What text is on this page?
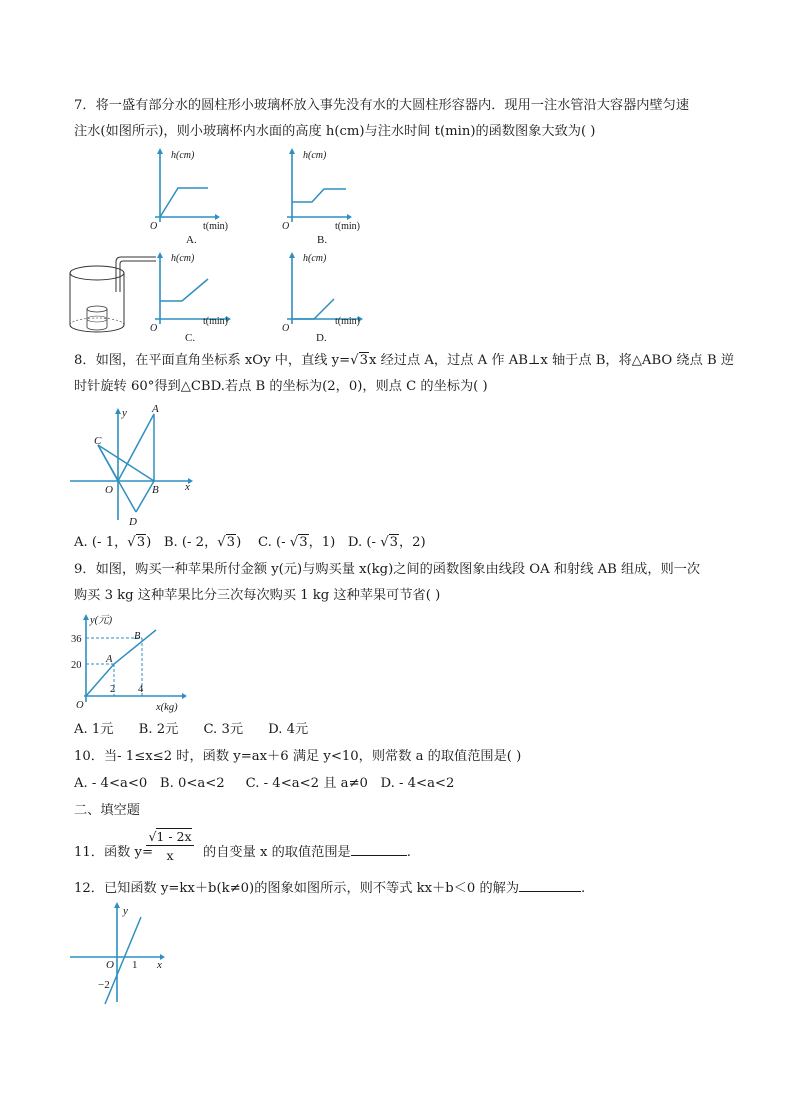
7．将一盛有部分水的圆柱形小玻璃杯放入事先没有水的大圆柱形容器内．现用一注水管沿大容器内壁匀速
注水(如图所示)，则小玻璃杯内水面的高度 h(cm)与注水时间 t(min)的函数图象大致为( )
h(cm)
O	t(min)
A.
h(cm)
O	t(min)
B.
h(cm)
O
t(min)
C.
h(cm)
O
t(min)
D.
8．如图，在平面直角坐标系 xOy 中，直线 y=√3x 经过点 A，过点 A 作 AB⊥x 轴于点 B，将△ABO 绕点 B 逆
时针旋转 60°得到△CBD.若点 B 的坐标为(2，0)，则点 C 的坐标为( )
A
y
C
O	B x
D
A. (- 1，√3) B. (- 2，√3) C. (- √3，1) D. (- √3，2)
9．如图，购买一种苹果所付金额 y(元)与购买量 x(kg)之间的函数图象由线段 OA 和射线 AB 组成，则一次
购买 3 kg 这种苹果比分三次每次购买 1 kg 这种苹果可节省( )
y(元)
36
20
2 4
O
A
B
x(kg)
A. 1元      B. 2元      C. 3元      D. 4元
10．当- 1≤x≤2 时，函数 y=ax＋6 满足 y<10，则常数 a 的取值范围是( )
A. - 4<a<0   B. 0<a<2     C. - 4<a<2 且 a≠0   D. - 4<a<2
二、填空题
$\frac{√1 - 2x}{x}$
11．函数 y=	的自变量 x 的取值范围是	.
12．已知函数 y=kx＋b(k≠0)的图象如图所示，则不等式 kx＋b＜0 的解为	.
y
O 1 x
−2
